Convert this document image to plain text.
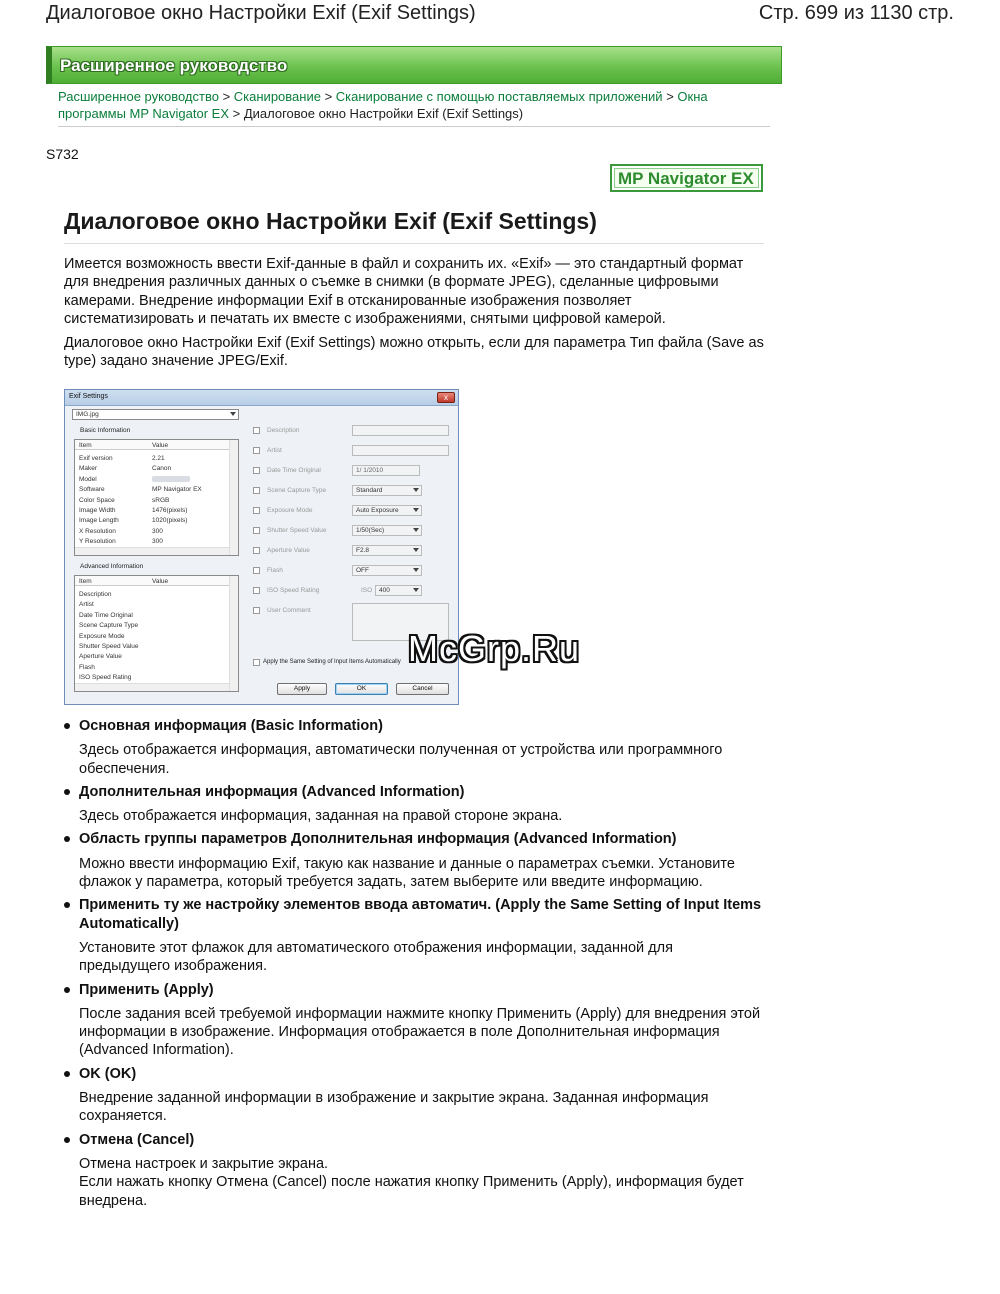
Диалоговое окно Настройки Exif (Exif Settings)	Стр. 699 из 1130 стр.
Расширенное руководство
Расширенное руководство > Сканирование > Сканирование с помощью поставляемых приложений > Окна программы MP Navigator EX > Диалоговое окно Настройки Exif (Exif Settings)
S732
MP Navigator EX
Диалоговое окно Настройки Exif (Exif Settings)
Имеется возможность ввести Exif-данные в файл и сохранить их. «Exif» — это стандартный формат для внедрения различных данных о съемке в снимки (в формате JPEG), сделанные цифровыми камерами. Внедрение информации Exif в отсканированные изображения позволяет систематизировать и печатать их вместе с изображениями, снятыми цифровой камерой.
Диалоговое окно Настройки Exif (Exif Settings) можно открыть, если для параметра Тип файла (Save as type) задано значение JPEG/Exif.
Exif Settings	x
IMG.jpg
Basic Information
Item	Value
Exif version	2.21
Maker	Canon
Model
Software	MP Navigator EX
Color Space	sRGB
Image Width	1476(pixels)
Image Length	1020(pixels)
X Resolution	300
Y Resolution	300
Advanced Information
Item	Value
Description
Artist
Date Time Original
Scene Capture Type
Exposure Mode
Shutter Speed Value
Aperture Value
Flash
ISO Speed Rating
Description
Artist
Date Time Original	1/ 1/2010
Scene Capture Type	Standard
Exposure Mode	Auto Exposure
Shutter Speed Value	1/50(Sec)
Aperture Value	F2.8
Flash	OFF
ISO Speed Rating	ISO 400
User Comment
Apply the Same Setting of Input Items Automatically
Apply	OK	Cancel
McGrp.Ru
Основная информация (Basic Information)
Здесь отображается информация, автоматически полученная от устройства или программного обеспечения.
Дополнительная информация (Advanced Information)
Здесь отображается информация, заданная на правой стороне экрана.
Область группы параметров Дополнительная информация (Advanced Information)
Можно ввести информацию Exif, такую как название и данные о параметрах съемки. Установите флажок у параметра, который требуется задать, затем выберите или введите информацию.
Применить ту же настройку элементов ввода автоматич. (Apply the Same Setting of Input Items Automatically)
Установите этот флажок для автоматического отображения информации, заданной для предыдущего изображения.
Применить (Apply)
После задания всей требуемой информации нажмите кнопку Применить (Apply) для внедрения этой информации в изображение. Информация отображается в поле Дополнительная информация (Advanced Information).
OK (OK)
Внедрение заданной информации в изображение и закрытие экрана. Заданная информация сохраняется.
Отмена (Cancel)
Отмена настроек и закрытие экрана.
Если нажать кнопку Отмена (Cancel) после нажатия кнопку Применить (Apply), информация будет внедрена.
